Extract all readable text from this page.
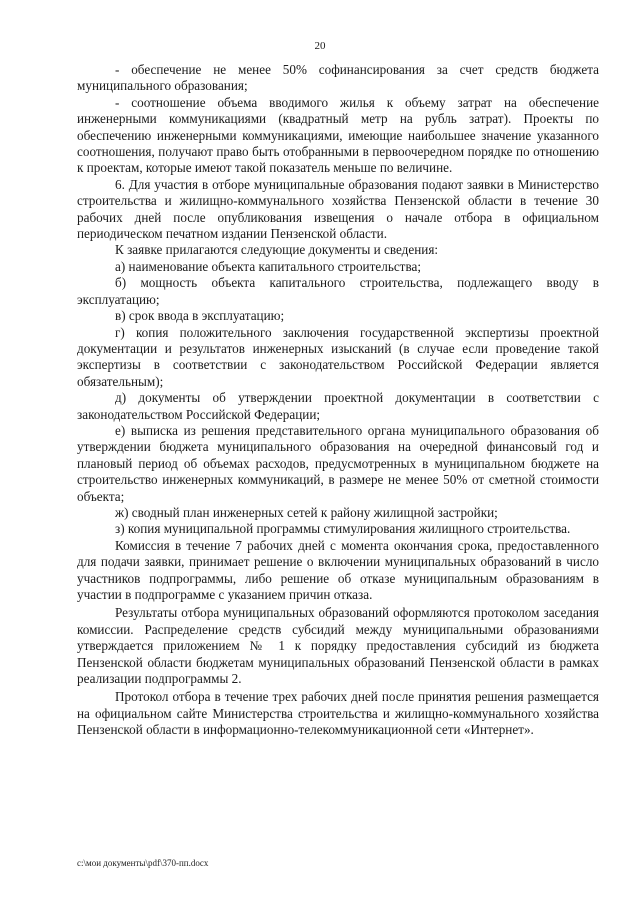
20

- обеспечение не менее 50% софинансирования за счет средств бюджета муниципального образования;

- соотношение объема вводимого жилья к объему затрат на обеспечение инженерными коммуникациями (квадратный метр на рубль затрат). Проекты по обеспечению инженерными коммуникациями, имеющие наибольшее значение указанного соотношения, получают право быть отобранными в первоочередном порядке по отношению к проектам, которые имеют такой показатель меньше по величине.

6. Для участия в отборе муниципальные образования подают заявки в Министерство строительства и жилищно-коммунального хозяйства Пензенской области в течение 30 рабочих дней после опубликования извещения о начале отбора в официальном периодическом печатном издании Пензенской области.

К заявке прилагаются следующие документы и сведения:

а) наименование объекта капитального строительства;

б) мощность объекта капитального строительства, подлежащего вводу в эксплуатацию;

в) срок ввода в эксплуатацию;

г) копия положительного заключения государственной экспертизы проектной документации и результатов инженерных изысканий (в случае если проведение такой экспертизы в соответствии с законодательством Российской Федерации является обязательным);

д) документы об утверждении проектной документации в соответствии с законодательством Российской Федерации;

е) выписка из решения представительного органа муниципального образования об утверждении бюджета муниципального образования на очередной финансовый год и плановый период об объемах расходов, предусмотренных в муниципальном бюджете на строительство инженерных коммуникаций, в размере не менее 50% от сметной стоимости объекта;

ж) сводный план инженерных сетей к району жилищной застройки;

з) копия муниципальной программы стимулирования жилищного строительства.

Комиссия в течение 7 рабочих дней с момента окончания срока, предоставленного для подачи заявки, принимает решение о включении муниципальных образований в число участников подпрограммы, либо решение об отказе муниципальным образованиям в участии в подпрограмме с указанием причин отказа.

Результаты отбора муниципальных образований оформляются протоколом заседания комиссии. Распределение средств субсидий между муниципальными образованиями утверждается приложением № 1 к порядку предоставления субсидий из бюджета Пензенской области бюджетам муниципальных образований Пензенской области в рамках реализации подпрограммы 2.

Протокол отбора в течение трех рабочих дней после принятия решения размещается на официальном сайте Министерства строительства и жилищно-коммунального хозяйства Пензенской области в информационно-телекоммуникационной сети «Интернет».

c:\мои документы\pdf\370-пп.docx
